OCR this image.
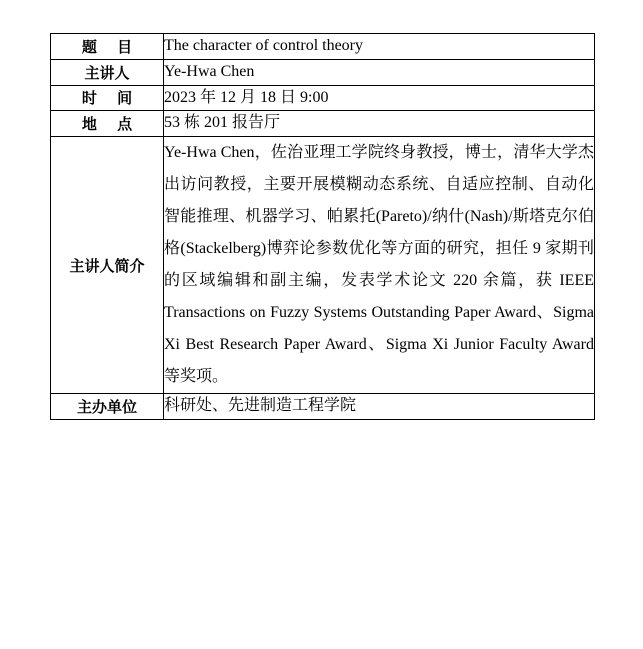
题 目	The character of control theory
主讲人	Ye-Hwa Chen
时 间	2023 年 12 月 18 日 9:00
地 点	53 栋 201 报告厅
主讲人简介	Ye-Hwa Chen，佐治亚理工学院终身教授，博士，清华大学杰出访问教授，主要开展模糊动态系统、自适应控制、自动化智能推理、机器学习、帕累托(Pareto)/纳什(Nash)/斯塔克尔伯格(Stackelberg)博弈论参数优化等方面的研究，担任 9 家期刊的区域编辑和副主编，发表学术论文 220 余篇，获 IEEE Transactions on Fuzzy Systems Outstanding Paper Award、Sigma Xi Best Research Paper Award、Sigma Xi Junior Faculty Award 等奖项。
主办单位	科研处、先进制造工程学院
